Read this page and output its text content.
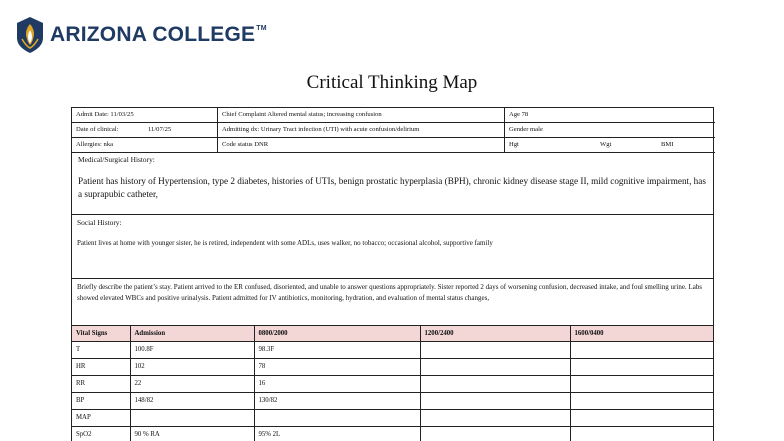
ARIZONA COLLEGE™
Critical Thinking Map
Admit Date: 11/03/25	Chief Complaint Altered mental status; increasing confusion	Age 78
Date of clinical:	11/07/25	Admitting dx: Urinary Tract infection (UTI) with acute confusion/delirium	Gender male
Allergies: nka	Code status DNR	Hgt	Wgt	BMI
Medical/Surgical History:
Patient has history of Hypertension, type 2 diabetes, histories of UTIs, benign prostatic hyperplasia (BPH), chronic kidney disease stage II, mild cognitive impairment, has a suprapubic catheter,
Social History:
Patient lives at home with younger sister, he is retired, independent with some ADLs, uses walker, no tobacco; occasional alcohol, supportive family
Briefly describe the patient’s stay. Patient arrived to the ER confused, disoriented, and unable to answer questions appropriately. Sister reported 2 days of worsening confusion, decreased intake, and foul smelling urine. Labs showed elevated WBCs and positive urinalysis. Patient admitted for IV antibiotics, monitoring, hydration, and evaluation of mental status changes,
Vital Signs	Admission	0800/2000	1200/2400	1600/0400
T	100.8F	98.3F		
HR	102	78		
RR	22	16		
BP	148/82	130/82		
MAP				
SpO2	90 % RA	95% 2L		
